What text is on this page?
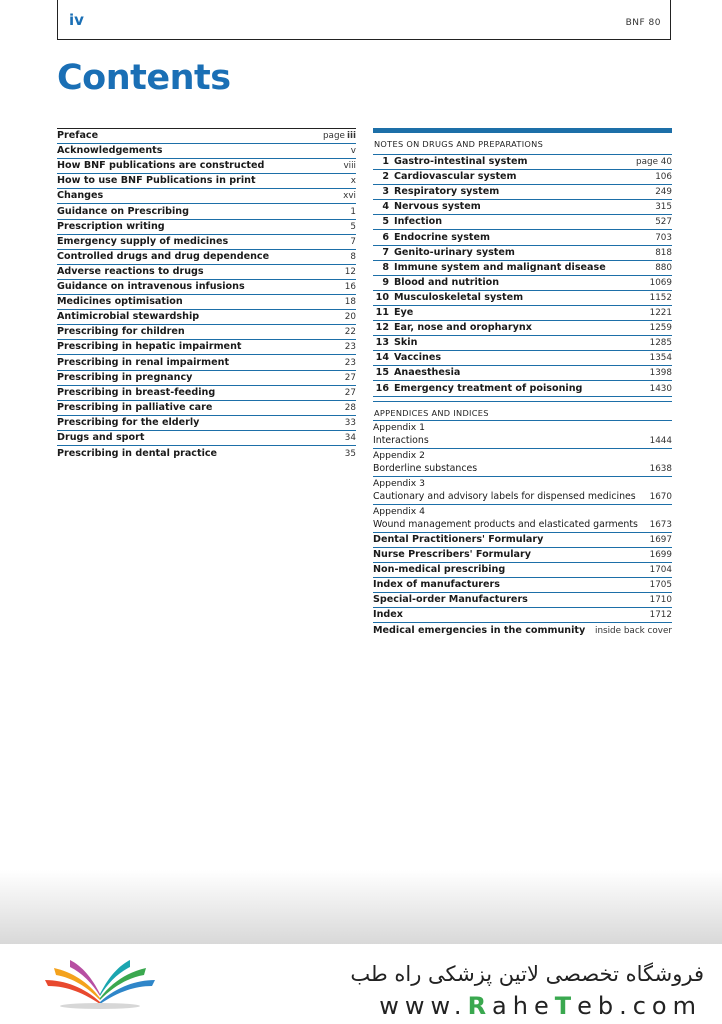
iv	BNF 80
Contents
Preface	page iii
Acknowledgements	v
How BNF publications are constructed	viii
How to use BNF Publications in print	x
Changes	xvi
Guidance on Prescribing	1
Prescription writing	5
Emergency supply of medicines	7
Controlled drugs and drug dependence	8
Adverse reactions to drugs	12
Guidance on intravenous infusions	16
Medicines optimisation	18
Antimicrobial stewardship	20
Prescribing for children	22
Prescribing in hepatic impairment	23
Prescribing in renal impairment	23
Prescribing in pregnancy	27
Prescribing in breast-feeding	27
Prescribing in palliative care	28
Prescribing for the elderly	33
Drugs and sport	34
Prescribing in dental practice	35
NOTES ON DRUGS AND PREPARATIONS
1 Gastro-intestinal system	page 40
2 Cardiovascular system	106
3 Respiratory system	249
4 Nervous system	315
5 Infection	527
6 Endocrine system	703
7 Genito-urinary system	818
8 Immune system and malignant disease	880
9 Blood and nutrition	1069
10 Musculoskeletal system	1152
11 Eye	1221
12 Ear, nose and oropharynx	1259
13 Skin	1285
14 Vaccines	1354
15 Anaesthesia	1398
16 Emergency treatment of poisoning	1430
APPENDICES AND INDICES
Appendix 1
Interactions	1444
Appendix 2
Borderline substances	1638
Appendix 3
Cautionary and advisory labels for dispensed medicines 1670
Appendix 4
Wound management products and elasticated garments 1673
Dental Practitioners' Formulary	1697
Nurse Prescribers' Formulary	1699
Non-medical prescribing	1704
Index of manufacturers	1705
Special-order Manufacturers	1710
Index	1712
Medical emergencies in the community inside back cover
فروشگاه تخصصی لاتین پزشکی راه طب
www.RaheTeb.com
